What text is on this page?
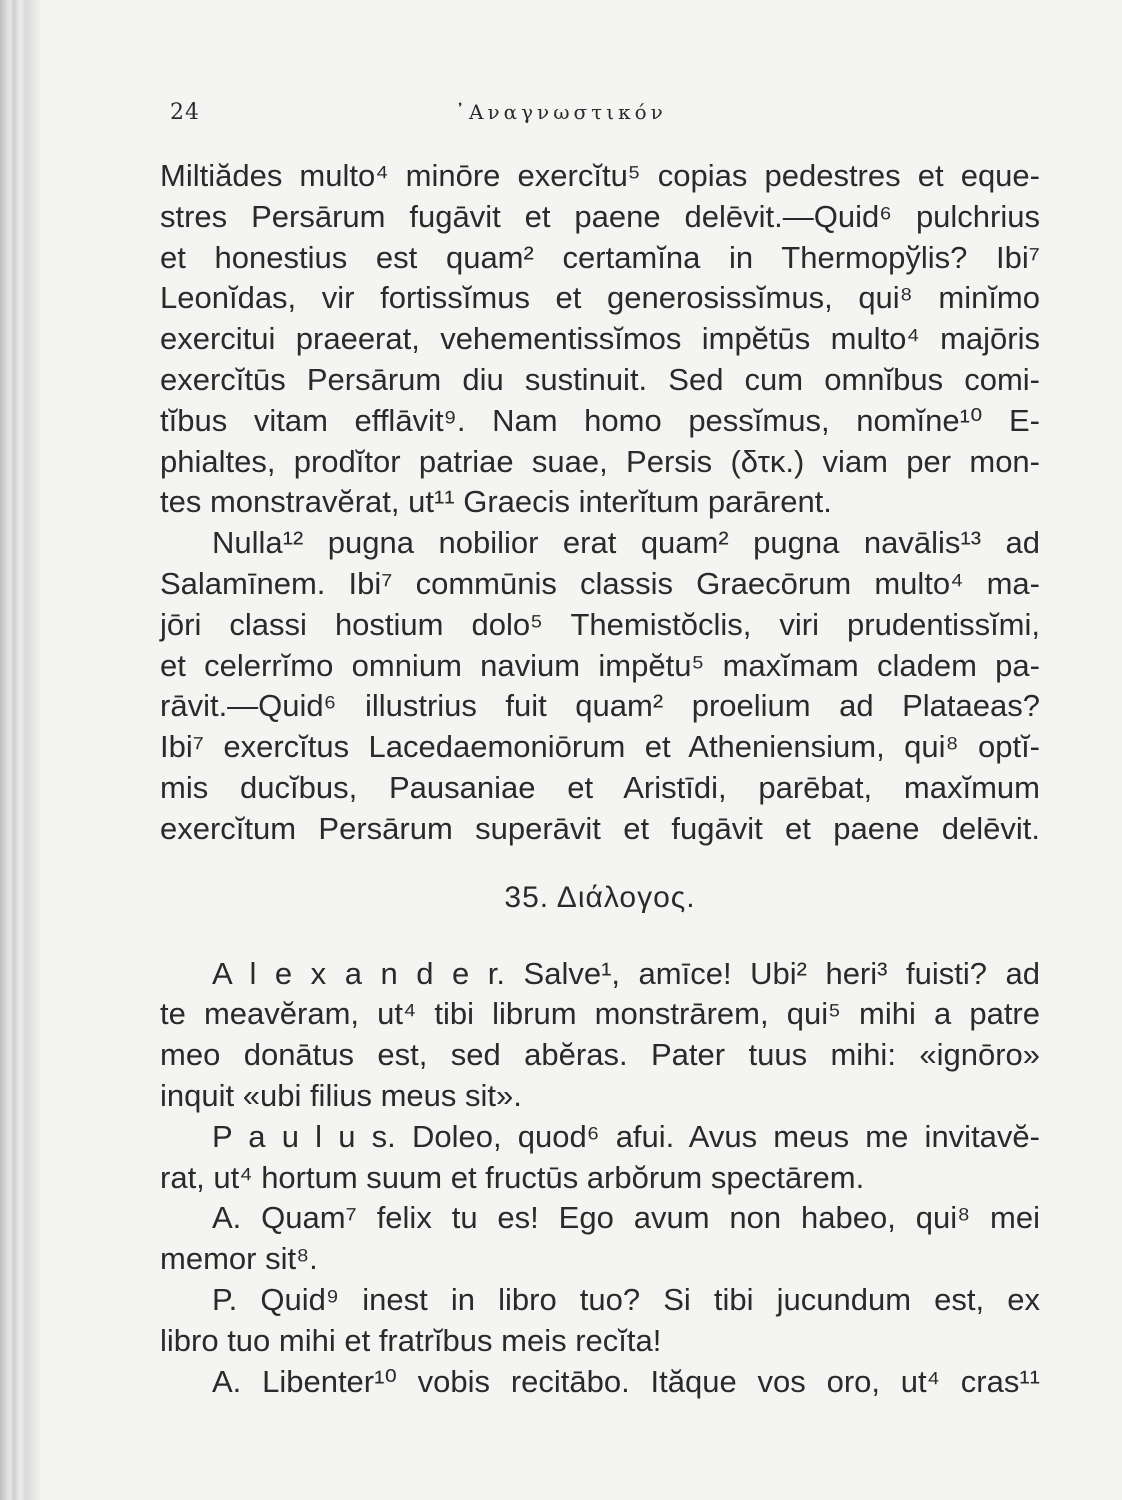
24	᾽Αναγνωστικόν
Miltiădes multo⁴ minōre exercĭtu⁵ copias pedestres et eque-
stres Persārum fugāvit et paene delēvit.—Quid⁶ pulchrius
et honestius est quam² certamĭna in Thermopўlis? Ibi⁷
Leonĭdas, vir fortissĭmus et generosissĭmus, qui⁸ minĭmo
exercitui praeerat, vehementissĭmos impĕtūs multo⁴ majōris
exercĭtūs Persārum diu sustinuit. Sed cum omnĭbus comi-
tĭbus vitam efflāvit⁹. Nam homo pessĭmus, nomĭne¹⁰ E-
phialtes, prodĭtor patriae suae, Persis (δτκ.) viam per mon-
tes monstravĕrat, ut¹¹ Graecis interĭtum parārent.
Nulla¹² pugna nobilior erat quam² pugna navālis¹³ ad
Salamīnem. Ibi⁷ commūnis classis Graecōrum multo⁴ ma-
jōri classi hostium dolo⁵ Themistŏclis, viri prudentissĭmi,
et celerrĭmo omnium navium impĕtu⁵ maxĭmam cladem pa-
rāvit.—Quid⁶ illustrius fuit quam² proelium ad Plataeas?
Ibi⁷ exercĭtus Lacedaemoniōrum et Atheniensium, qui⁸ optĭ-
mis ducĭbus, Pausaniae et Aristīdi, parēbat, maxĭmum
exercĭtum Persārum superāvit et fugāvit et paene delēvit.
35. Διάλογος.
A l e x a n d e r. Salve¹, amīce! Ubi² heri³ fuisti? ad
te meavĕram, ut⁴ tibi librum monstrārem, qui⁵ mihi a patre
meo donātus est, sed abĕras. Pater tuus mihi: «ignōro»
inquit «ubi filius meus sit».
P a u l u s. Doleo, quod⁶ afui. Avus meus me invitavĕ-
rat, ut⁴ hortum suum et fructūs arbŏrum spectārem.
A. Quam⁷ felix tu es! Ego avum non habeo, qui⁸ mei
memor sit⁸.
P. Quid⁹ inest in libro tuo? Si tibi jucundum est, ex
libro tuo mihi et fratrĭbus meis recĭta!
A. Libenter¹⁰ vobis recitābo. Ităque vos oro, ut⁴ cras¹¹
